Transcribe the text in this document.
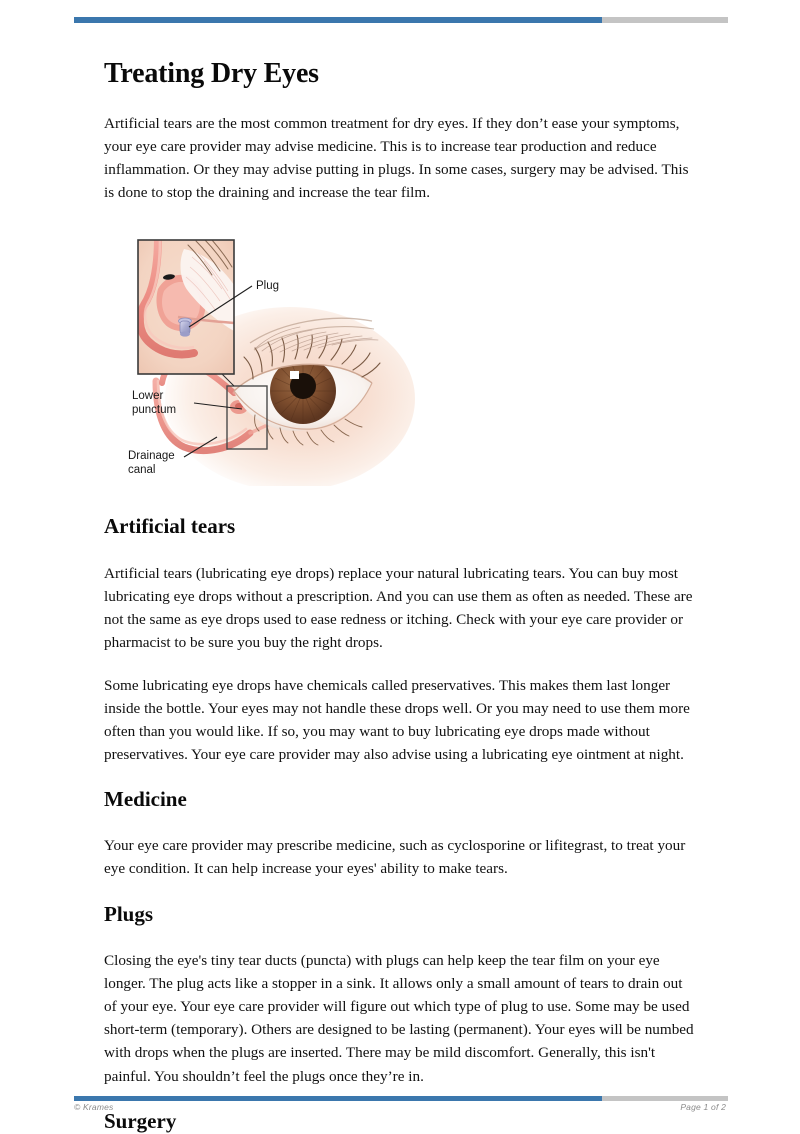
Treating Dry Eyes

Artificial tears are the most common treatment for dry eyes. If they don’t ease your symptoms, your eye care provider may advise medicine. This is to increase tear production and reduce inflammation. Or they may advise putting in plugs. In some cases, surgery may be advised. This is done to stop the draining and increase the tear film.

Plug
Lower
punctum
Drainage
canal
Artificial tears

Artificial tears (lubricating eye drops) replace your natural lubricating tears. You can buy most lubricating eye drops without a prescription. And you can use them as often as needed. These are not the same as eye drops used to ease redness or itching. Check with your eye care provider or pharmacist to be sure you buy the right drops.

Some lubricating eye drops have chemicals called preservatives. This makes them last longer inside the bottle. Your eyes may not handle these drops well. Or you may need to use them more often than you would like. If so, you may want to buy lubricating eye drops made without preservatives. Your eye care provider may also advise using a lubricating eye ointment at night.

Medicine

Your eye care provider may prescribe medicine, such as cyclosporine or lifitegrast, to treat your eye condition. It can help increase your eyes' ability to make tears.

Plugs

Closing the eye's tiny tear ducts (puncta) with plugs can help keep the tear film on your eye longer. The plug acts like a stopper in a sink. It allows only a small amount of tears to drain out of your eye. Your eye care provider will figure out which type of plug to use. Some may be used short-term (temporary). Others are designed to be lasting (permanent). Your eyes will be numbed with drops when the plugs are inserted. There may be mild discomfort. Generally, this isn't painful. You shouldn’t feel the plugs once they’re in.

Surgery
© Krames	Page 1 of 2
